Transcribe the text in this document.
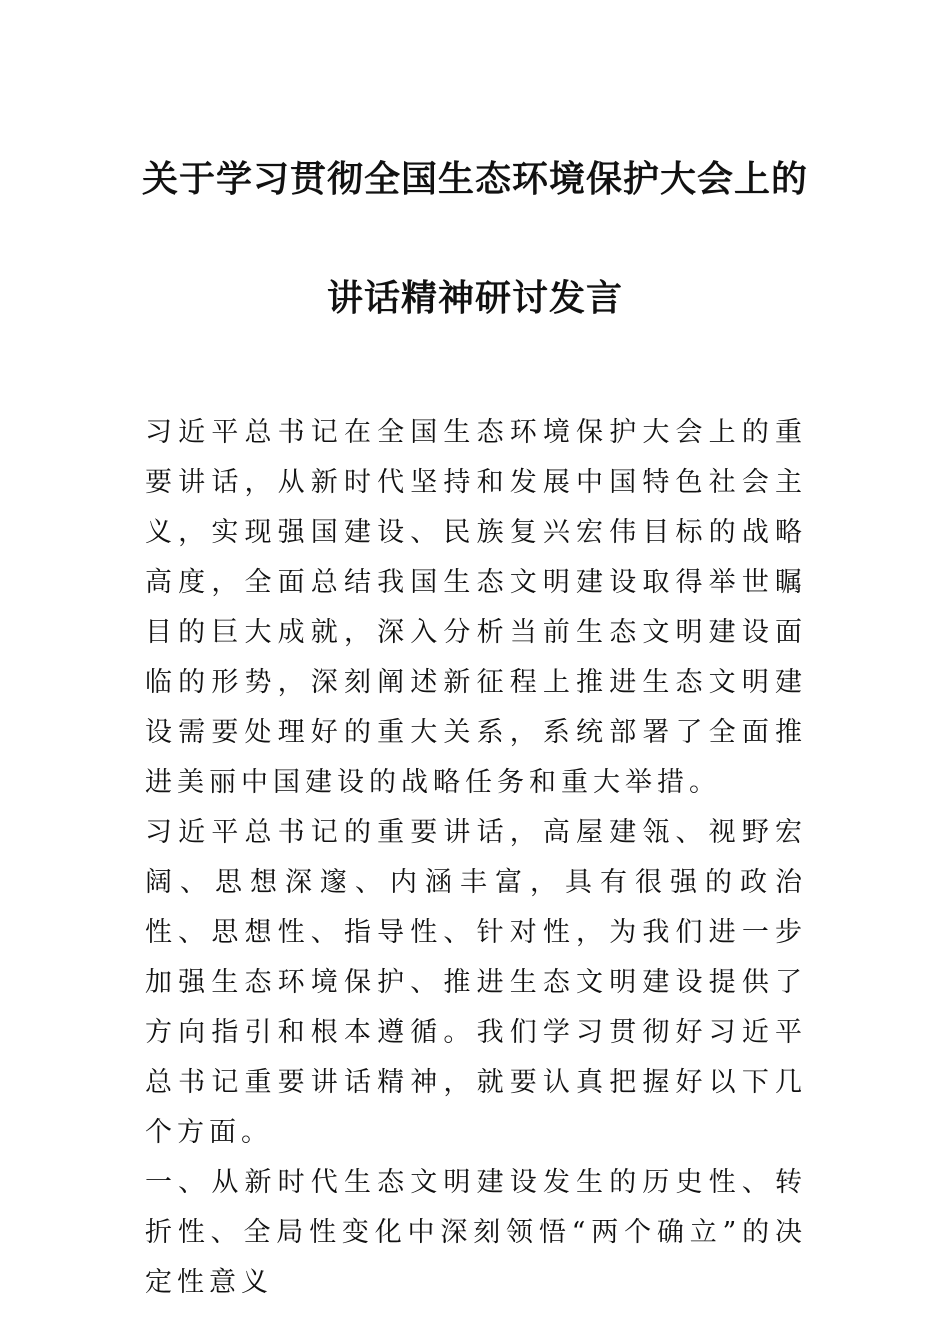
关于学习贯彻全国生态环境保护大会上的
讲话精神研讨发言

习近平总书记在全国生态环境保护大会上的重要讲话，从新时代坚持和发展中国特色社会主义，实现强国建设、民族复兴宏伟目标的战略高度，全面总结我国生态文明建设取得举世瞩目的巨大成就，深入分析当前生态文明建设面临的形势，深刻阐述新征程上推进生态文明建设需要处理好的重大关系，系统部署了全面推进美丽中国建设的战略任务和重大举措。

习近平总书记的重要讲话，高屋建瓴、视野宏阔、思想深邃、内涵丰富，具有很强的政治性、思想性、指导性、针对性，为我们进一步加强生态环境保护、推进生态文明建设提供了方向指引和根本遵循。我们学习贯彻好习近平总书记重要讲话精神，就要认真把握好以下几个方面。

一、从新时代生态文明建设发生的历史性、转折性、全局性变化中深刻领悟“两个确立”的决定性意义
